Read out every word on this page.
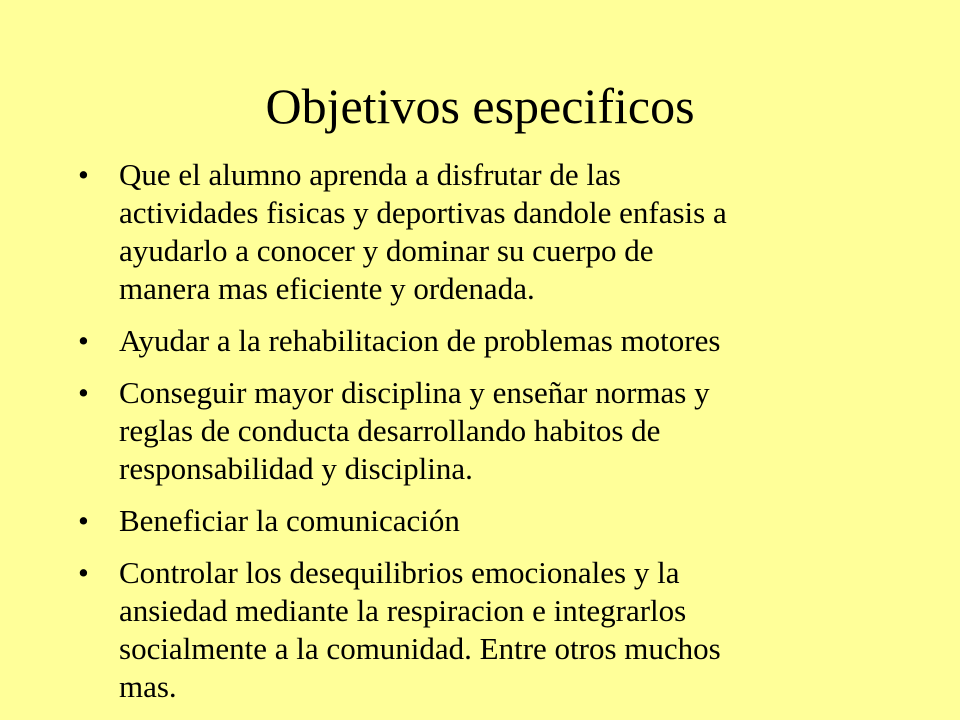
Objetivos especificos
• Que el alumno aprenda a disfrutar de las
actividades fisicas y deportivas dandole enfasis a
ayudarlo a conocer y dominar su cuerpo de
manera mas eficiente y ordenada.
• Ayudar a la rehabilitacion de problemas motores
• Conseguir mayor disciplina y enseñar normas y
reglas de conducta desarrollando habitos de
responsabilidad y disciplina.
• Beneficiar la comunicación
• Controlar los desequilibrios emocionales y la
ansiedad mediante la respiracion e integrarlos
socialmente a la comunidad. Entre otros muchos
mas.
